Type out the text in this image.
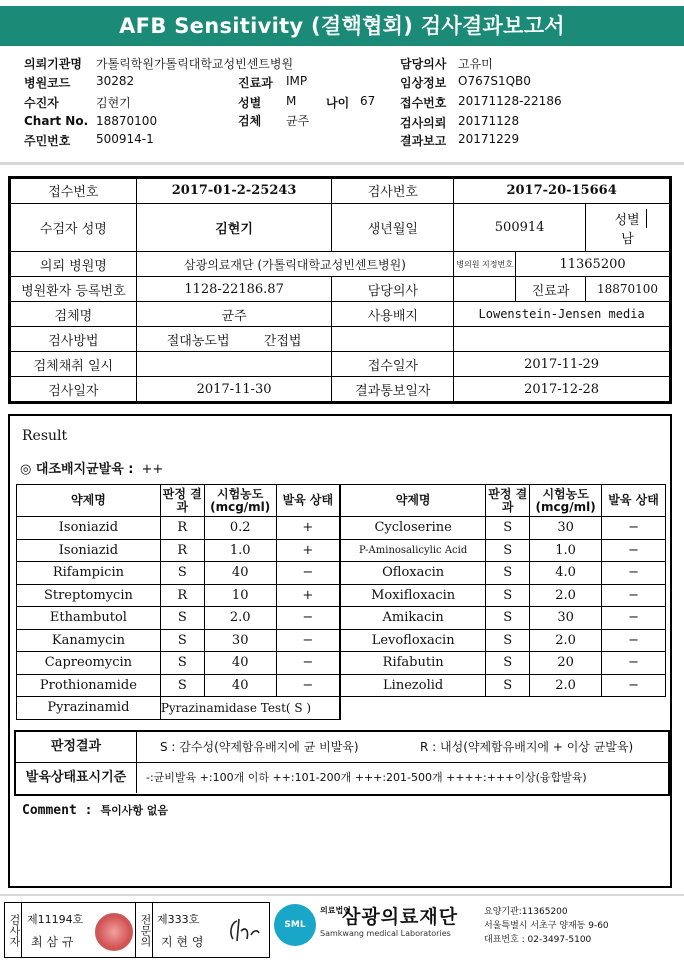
AFB Sensitivity (결핵협회) 검사결과보고서
의뢰기관명 가톨릭학원가톨릭대학교성빈센트병원
병원코드 30282	진료과 IMP
수진자	김현기	성별 M 나이 67
Chart No. 18870100	검체 균주
주민번호 500914-1
담당의사 고유미
임상정보 O767S1QB0
접수번호 20171128-22186
검사의뢰 20171128
결과보고 20171229
접수번호	2017-01-2-25243	검사번호	2017-20-15664		
수검자 성명	김현기	생년월일	500914		성별 남
의뢰 병원명	삼광의료재단 (가톨릭대학교성빈센트병원)		병의원 지정번호	11365200	
병원환자 등록번호	1128-22186.87	담당의사		진료과	18870100
검체명	균주	사용배지	Lowenstein-Jensen media		
검사방법	절대농도법 간접법				
검체채취 일시		접수일자	2017-11-29		
검사일자	2017-11-30	결과통보일자	2017-12-28		
Result
◎ 대조배지균발육 : ++
약제명	판정 결과	시험농도 (mcg/ml)	발육 상태	약제명	판정 결과	시험농도 (mcg/ml)	발육 상태
Isoniazid	R	0.2	+	Cycloserine	S	30	−
Isoniazid	R	1.0	+	P-Aminosalicylic Acid	S	1.0	−
Rifampicin	S	40	−	Ofloxacin	S	4.0	−
Streptomycin	R	10	+	Moxifloxacin	S	2.0	−
Ethambutol	S	2.0	−	Amikacin	S	30	−
Kanamycin	S	30	−	Levofloxacin	S	2.0	−
Capreomycin	S	40	−	Rifabutin	S	20	−
Prothionamide	S	40	−	Linezolid	S	2.0	−
Pyrazinamid	Pyrazinamidase Test( S )						
판정결과	S : 감수성(약제함유배지에 균 비발육)	R : 내성(약제함유배지에 + 이상 균발육)
발육상태표시기준	-:균비발육 +:100개 이하 ++:101-200개 +++:201-500개 ++++:+++이상(융합발육)
Comment : 특이사항 없음
검사자 제11194호
최 삼 규	전문의 제333호
지 현 영
SML
의료법인
삼광의료재단
Samkwang medical Laboratories
요양기관:11365200
서울특별시 서초구 양재동 9-60
대표번호 : 02-3497-5100
